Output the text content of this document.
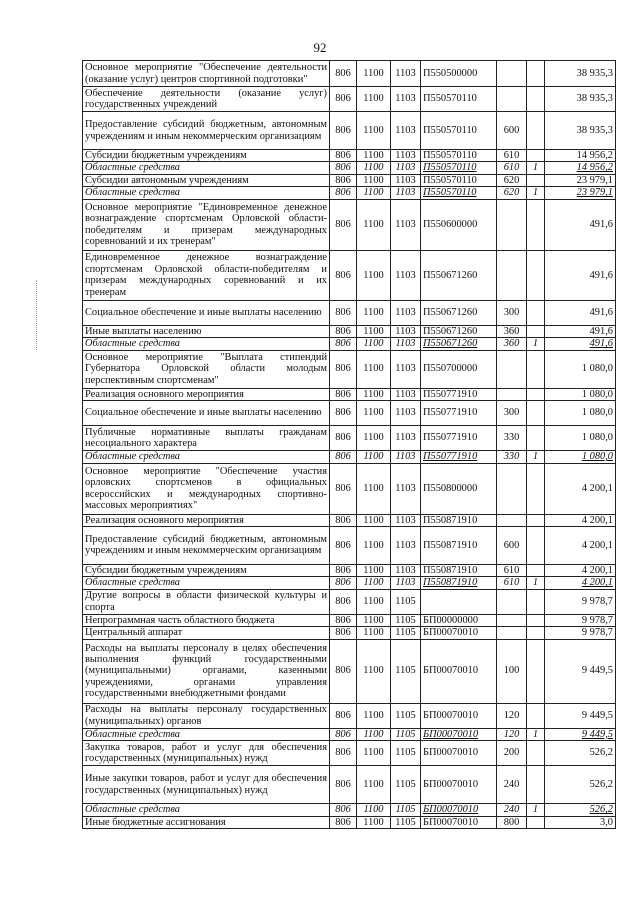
92
Основное мероприятие "Обеспечение деятельности (оказание услуг) центров спортивной подготовки"	806	1100	1103	П550500000			38 935,3
Обеспечение деятельности (оказание услуг) государственных учреждений	806	1100	1103	П550570110			38 935,3
Предоставление субсидий бюджетным, автономным учреждениям и иным некоммерческим организациям	806	1100	1103	П550570110	600		38 935,3
Субсидии бюджетным учреждениям	806	1100	1103	П550570110	610		14 956,2
Областные средства	806	1100	1103	П550570110	610	1	14 956,2
Субсидии автономным учреждениям	806	1100	1103	П550570110	620		23 979,1
Областные средства	806	1100	1103	П550570110	620	1	23 979,1
Основное мероприятие "Единовременное денежное вознаграждение спортсменам Орловской области-победителям и призерам международных соревнований и их тренерам"	806	1100	1103	П550600000			491,6
Единовременное денежное вознаграждение спортсменам Орловской области-победителям и призерам международных соревнований и их тренерам	806	1100	1103	П550671260			491,6
Социальное обеспечение и иные выплаты населению	806	1100	1103	П550671260	300		491,6
Иные выплаты населению	806	1100	1103	П550671260	360		491,6
Областные средства	806	1100	1103	П550671260	360	1	491,6
Основное мероприятие "Выплата стипендий Губернатора Орловской области молодым перспективным спортсменам"	806	1100	1103	П550700000			1 080,0
Реализация основного мероприятия	806	1100	1103	П550771910			1 080,0
Социальное обеспечение и иные выплаты населению	806	1100	1103	П550771910	300		1 080,0
Публичные нормативные выплаты гражданам несоциального характера	806	1100	1103	П550771910	330		1 080,0
Областные средства	806	1100	1103	П550771910	330	1	1 080,0
Основное мероприятие "Обеспечение участия орловских спортсменов в официальных всероссийских и международных спортивно-массовых мероприятиях"	806	1100	1103	П550800000			4 200,1
Реализация основного мероприятия	806	1100	1103	П550871910			4 200,1
Предоставление субсидий бюджетным, автономным учреждениям и иным некоммерческим организациям	806	1100	1103	П550871910	600		4 200,1
Субсидии бюджетным учреждениям	806	1100	1103	П550871910	610		4 200,1
Областные средства	806	1100	1103	П550871910	610	1	4 200,1
Другие вопросы в области физической культуры и спорта	806	1100	1105				9 978,7
Непрограммная часть областного бюджета	806	1100	1105	БП00000000			9 978,7
Центральный аппарат	806	1100	1105	БП00070010			9 978,7
Расходы на выплаты персоналу в целях обеспечения выполнения функций государственными (муниципальными) органами, казенными учреждениями, органами управления государственными внебюджетными фондами	806	1100	1105	БП00070010	100		9 449,5
Расходы на выплаты персоналу государственных (муниципальных) органов	806	1100	1105	БП00070010	120		9 449,5
Областные средства	806	1100	1105	БП00070010	120	1	9 449,5
Закупка товаров, работ и услуг для обеспечения государственных (муниципальных) нужд	806	1100	1105	БП00070010	200		526,2
Иные закупки товаров, работ и услуг для обеспечения государственных (муниципальных) нужд	806	1100	1105	БП00070010	240		526,2
Областные средства	806	1100	1105	БП00070010	240	1	526,2
Иные бюджетные ассигнования	806	1100	1105	БП00070010	800		3,0
